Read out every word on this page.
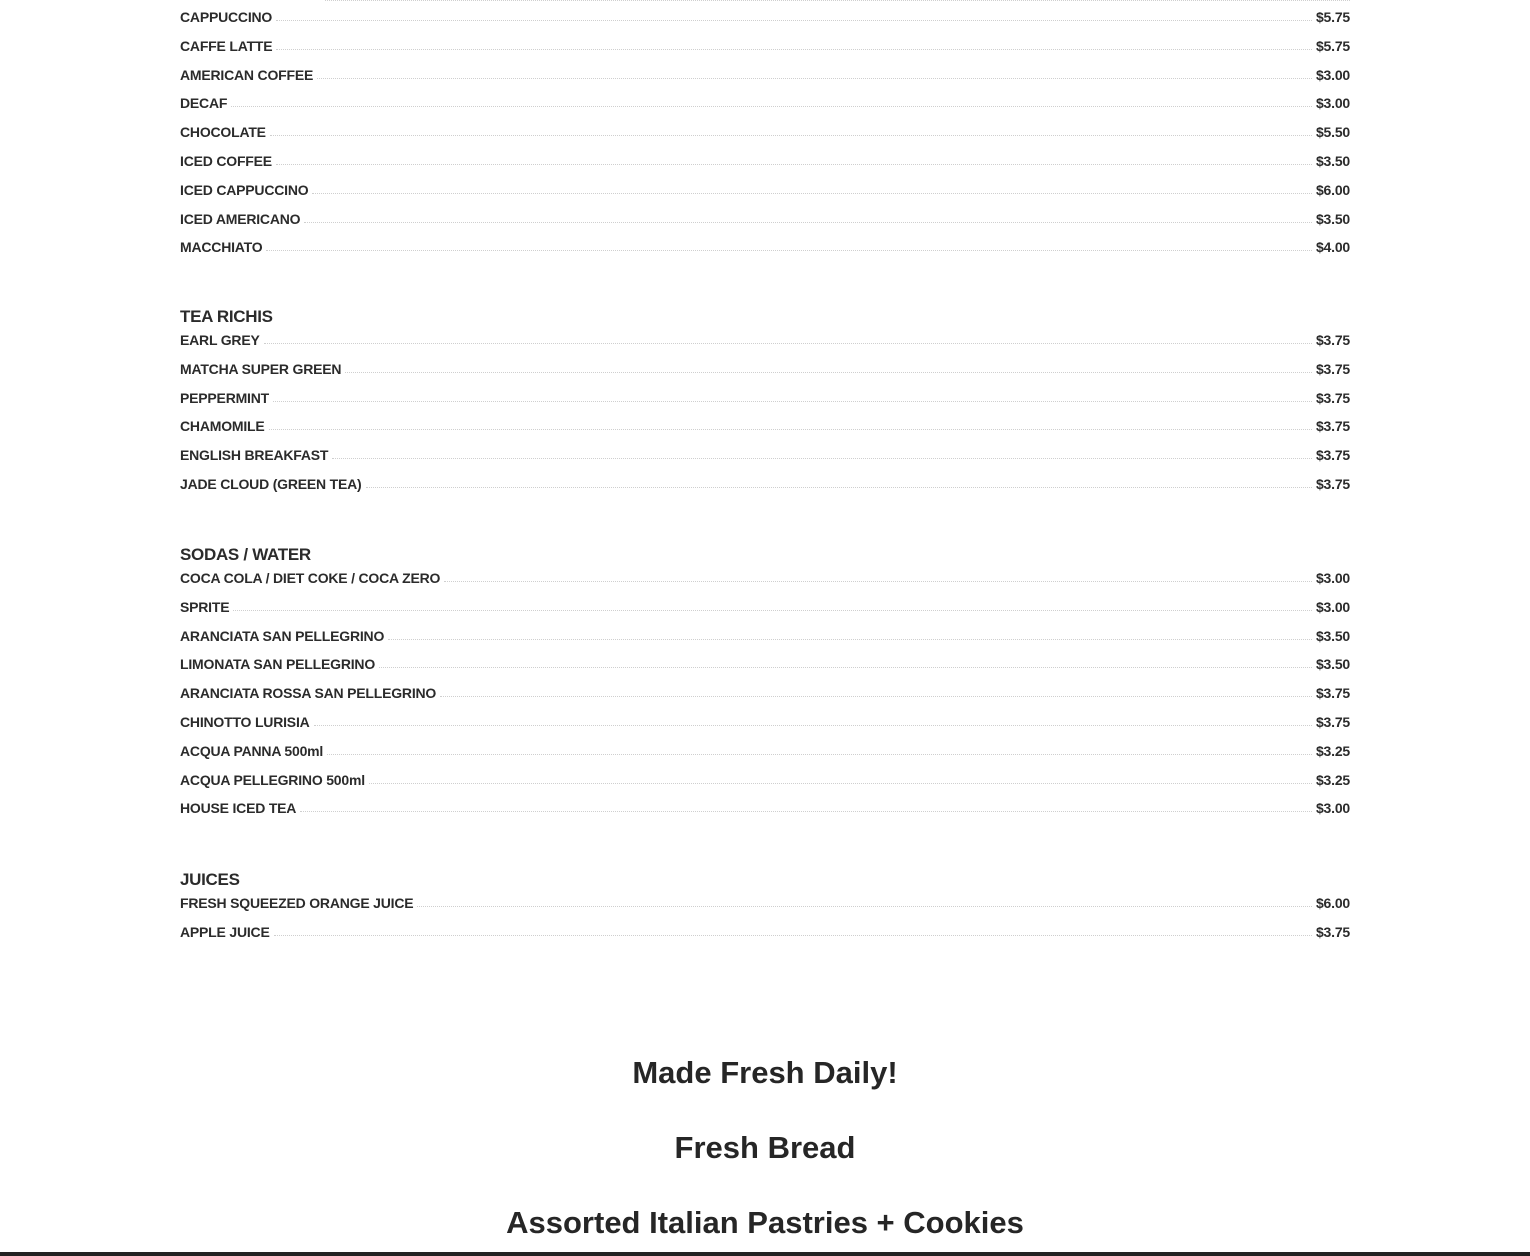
CAPPUCCINO	$5.75
CAFFE LATTE	$5.75
AMERICAN COFFEE	$3.00
DECAF	$3.00
CHOCOLATE	$5.50
ICED COFFEE	$3.50
ICED CAPPUCCINO	$6.00
ICED AMERICANO	$3.50
MACCHIATO	$4.00
TEA RICHIS
EARL GREY	$3.75
MATCHA SUPER GREEN	$3.75
PEPPERMINT	$3.75
CHAMOMILE	$3.75
ENGLISH BREAKFAST	$3.75
JADE CLOUD (GREEN TEA)	$3.75
SODAS / WATER
COCA COLA / DIET COKE / COCA ZERO	$3.00
SPRITE	$3.00
ARANCIATA SAN PELLEGRINO	$3.50
LIMONATA SAN PELLEGRINO	$3.50
ARANCIATA ROSSA SAN PELLEGRINO	$3.75
CHINOTTO LURISIA	$3.75
ACQUA PANNA 500ml	$3.25
ACQUA PELLEGRINO 500ml	$3.25
HOUSE ICED TEA	$3.00
JUICES
FRESH SQUEEZED ORANGE JUICE	$6.00
APPLE JUICE	$3.75
Made Fresh Daily!
Fresh Bread
Assorted Italian Pastries + Cookies
